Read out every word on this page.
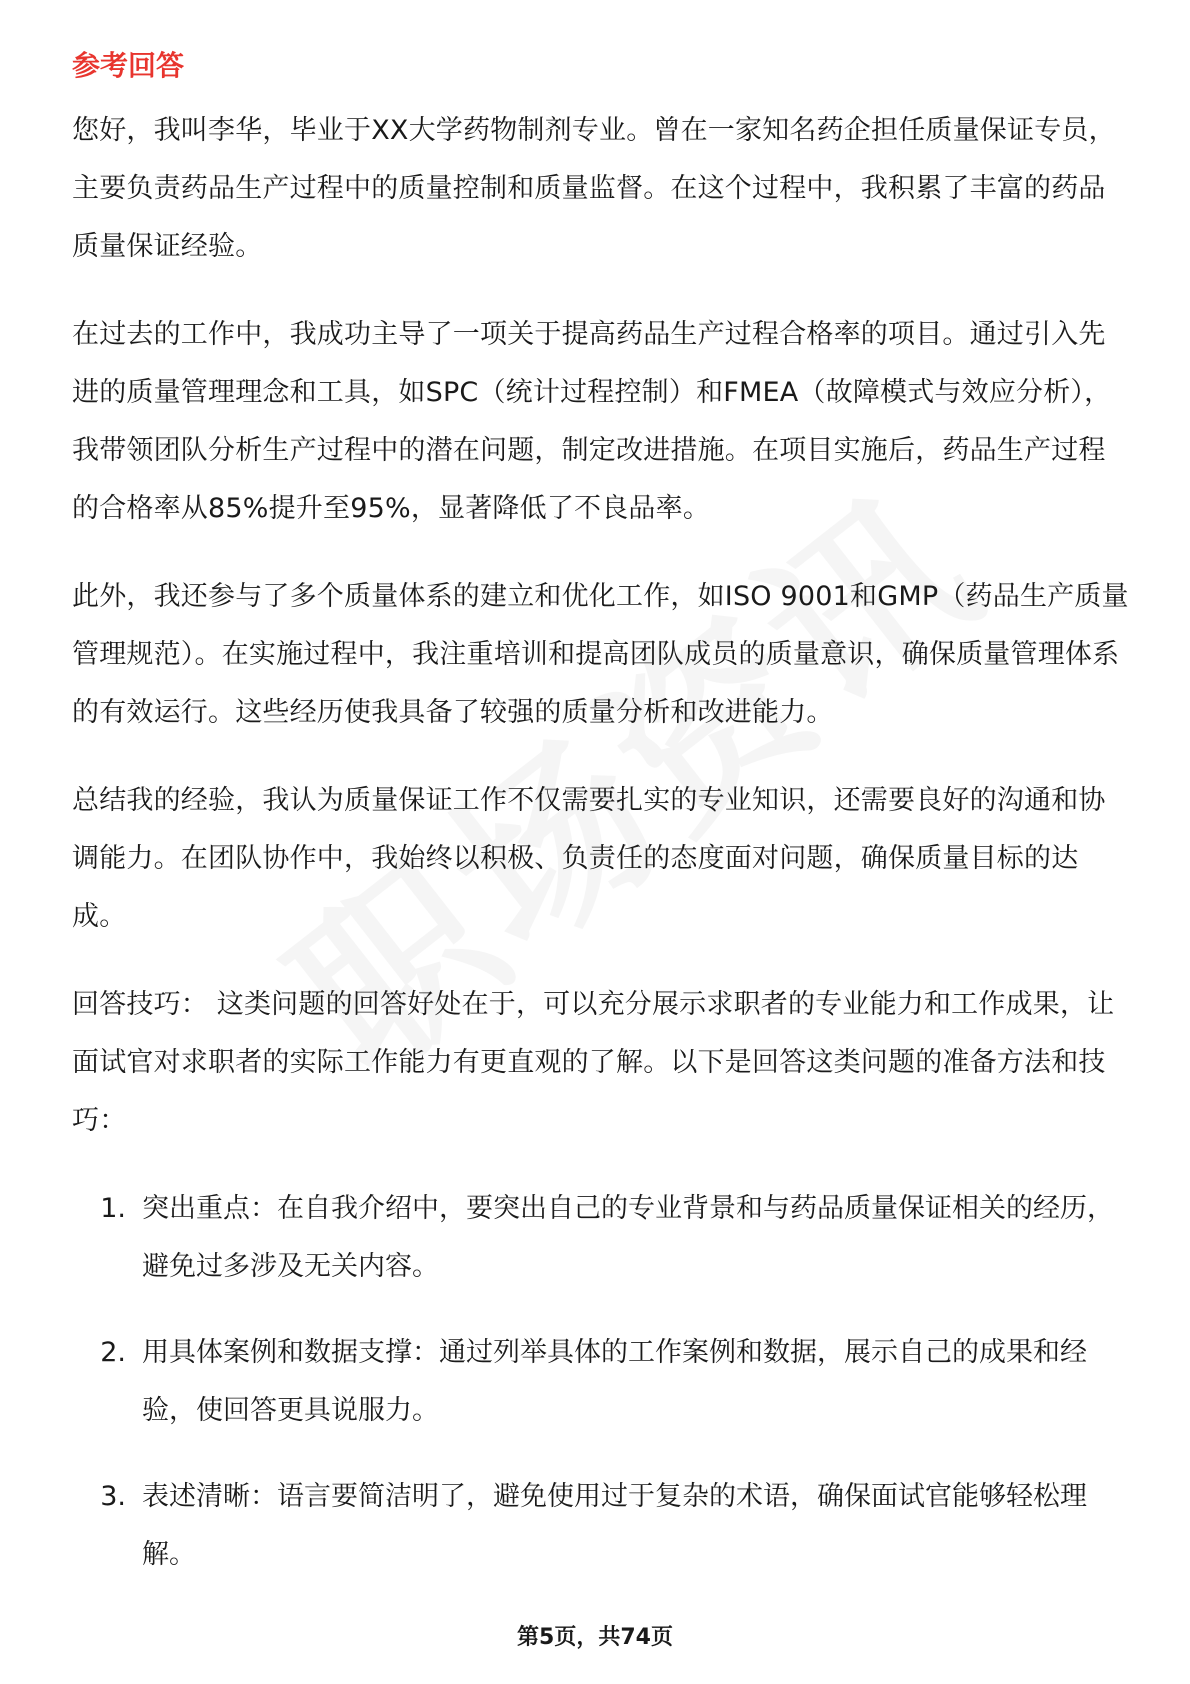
参考回答

您好，我叫李华，毕业于XX大学药物制剂专业。曾在一家知名药企担任质量保证专员，主要负责药品生产过程中的质量控制和质量监督。在这个过程中，我积累了丰富的药品质量保证经验。

在过去的工作中，我成功主导了一项关于提高药品生产过程合格率的项目。通过引入先进的质量管理理念和工具，如SPC（统计过程控制）和FMEA（故障模式与效应分析），我带领团队分析生产过程中的潜在问题，制定改进措施。在项目实施后，药品生产过程的合格率从85%提升至95%，显著降低了不良品率。

此外，我还参与了多个质量体系的建立和优化工作，如ISO 9001和GMP（药品生产质量管理规范）。在实施过程中，我注重培训和提高团队成员的质量意识，确保质量管理体系的有效运行。这些经历使我具备了较强的质量分析和改进能力。

总结我的经验，我认为质量保证工作不仅需要扎实的专业知识，还需要良好的沟通和协调能力。在团队协作中，我始终以积极、负责任的态度面对问题，确保质量目标的达成。

回答技巧： 这类问题的回答好处在于，可以充分展示求职者的专业能力和工作成果，让面试官对求职者的实际工作能力有更直观的了解。以下是回答这类问题的准备方法和技巧：

1. 突出重点：在自我介绍中，要突出自己的专业背景和与药品质量保证相关的经历，避免过多涉及无关内容。
2. 用具体案例和数据支撑：通过列举具体的工作案例和数据，展示自己的成果和经验，使回答更具说服力。
3. 表述清晰：语言要简洁明了，避免使用过于复杂的术语，确保面试官能够轻松理解。
第5页，共74页
